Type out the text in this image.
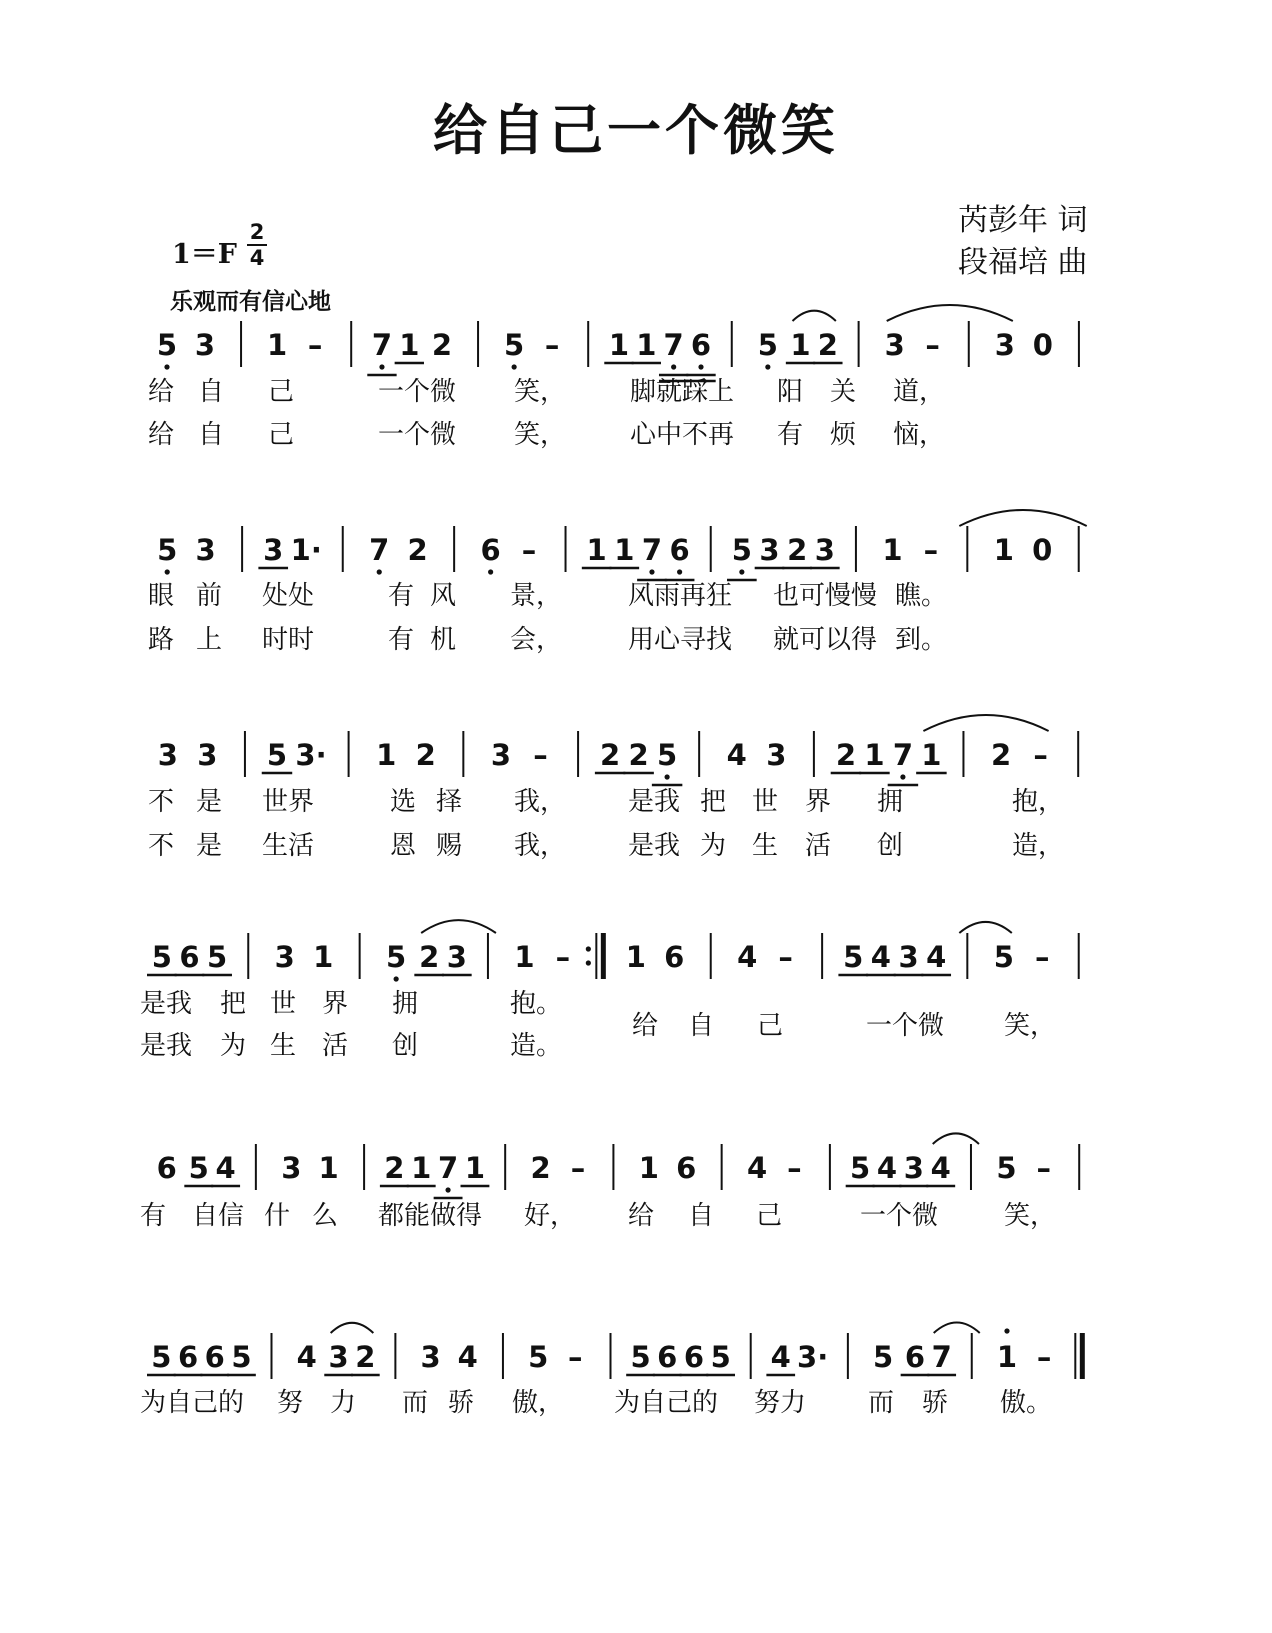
给自己一个微笑
芮彭年 词
段福培 曲
1＝F
2
4
乐观而有信心地
5 3 1 – 7 1 2 5 – 1 1 7 6 5 1 2 3 – 3 0
给 自 己	一个微 笑， 脚就踩上 阳 关 道，
给 自 己	一个微 笑， 心中不再 有 烦 恼，
5 3 3 1· 7 2 6 – 1 1 7 6 5 3 2 3 1 – 1 0
眼 前 处处	有 风 景，	风雨再狂 也可慢慢 瞧。
路 上 时时	有 机 会，	用心寻找 就可以得 到。
3 3 5 3· 1 2 3 – 2 2 5 4 3 2 1 7 1 2 –
不 是 世界	选 择 我， 是我 把 世 界 拥	抱，
不 是 生活	恩 赐 我， 是我 为 生 活 创	造，
5 6 5 3 1 5 2 3 1 – 1 6 4 – 5 4 3 4 5 –
是我 把 世 界 拥	抱。
是我 为 生 活 创	造。
给 自 己	一个微 笑，
6 5 4 3 1 2 1 7 1 2 – 1 6 4 – 5 4 3 4 5 –
有 自信 什 么 都能做得 好， 给 自 己	一个微	笑，
5 6 6 5 4 3 2 3 4 5 – 5 6 6 5 4 3· 5 6 7 1 –
为自己的 努 力 而 骄 傲， 为自己的 努力 而 骄 傲。
